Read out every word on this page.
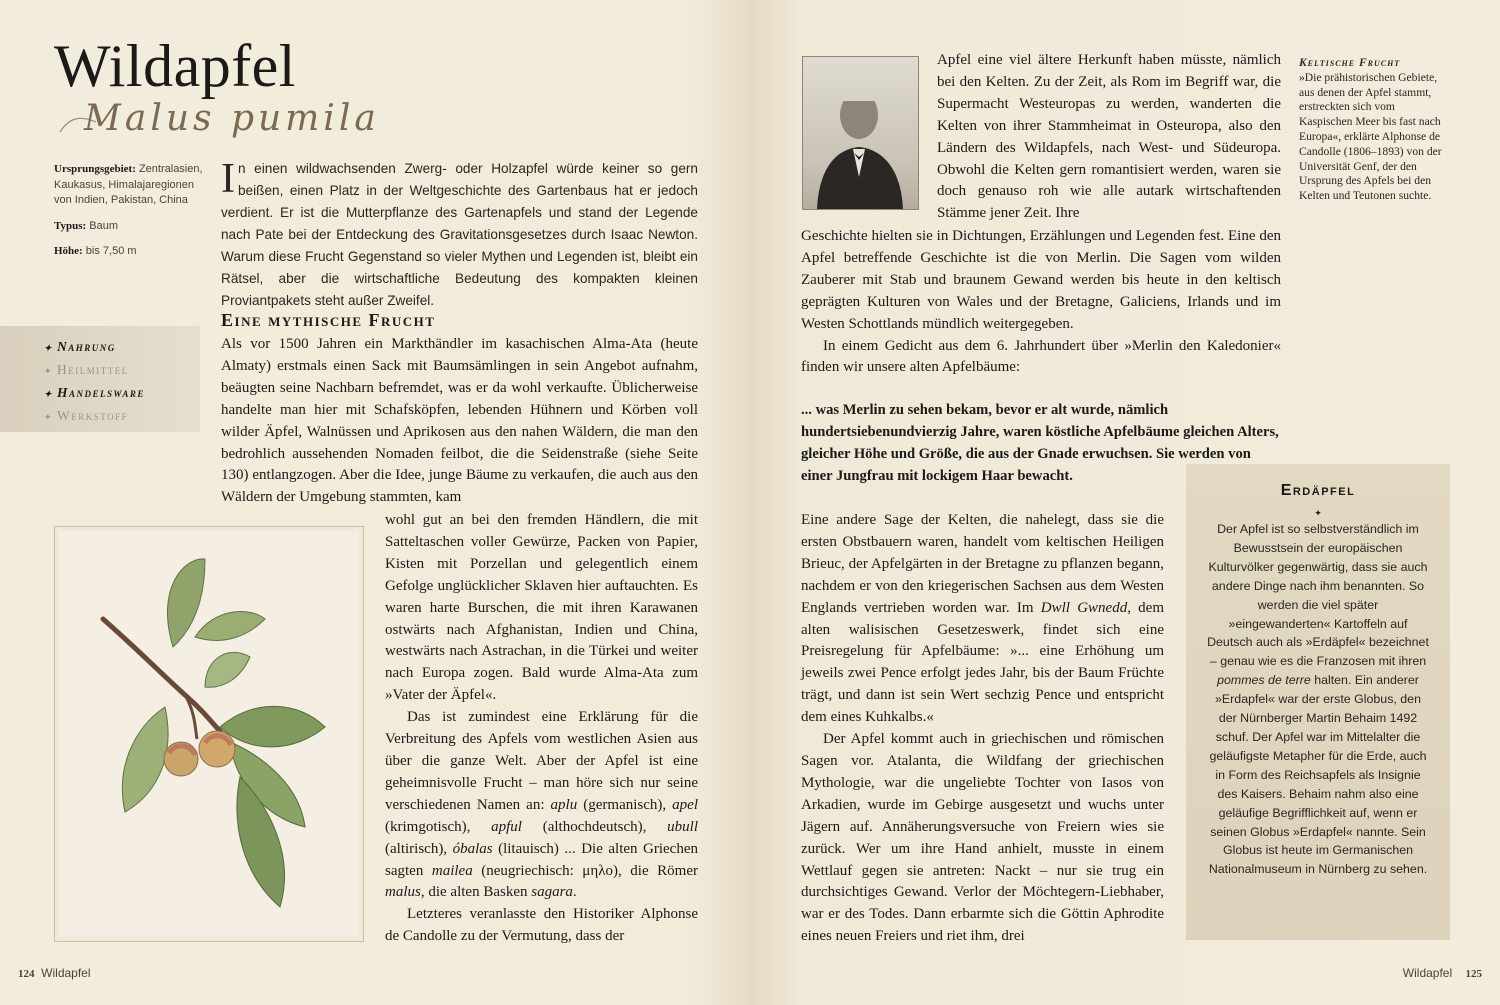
Wildapfel
Malus pumila

Ursprungsgebiet: Zentralasien, Kaukasus, Himalajaregionen von Indien, Pakistan, China

Typus: Baum

Höhe: bis 7,50 m

In einen wildwachsenden Zwerg- oder Holzapfel würde keiner so gern beißen, einen Platz in der Weltgeschichte des Gartenbaus hat er jedoch verdient. Er ist die Mutterpflanze des Gartenapfels und stand der Legende nach Pate bei der Entdeckung des Gravitationsgesetzes durch Isaac Newton. Warum diese Frucht Gegenstand so vieler Mythen und Legenden ist, bleibt ein Rätsel, aber die wirtschaftliche Bedeutung des kompakten kleinen Proviantpakets steht außer Zweifel.
✦ Nahrung
✦ Heilmittel
✦ Handelsware
✦ Werkstoff
Eine mythische Frucht

Als vor 1500 Jahren ein Markthändler im kasachischen Alma-Ata (heute Almaty) erstmals einen Sack mit Baumsämlingen in sein Angebot aufnahm, beäugten seine Nachbarn befremdet, was er da wohl verkaufte. Üblicherweise handelte man hier mit Schafsköpfen, lebenden Hühnern und Körben voll wilder Äpfel, Walnüssen und Aprikosen aus den nahen Wäldern, die man den bedrohlich aussehenden Nomaden feilbot, die die Seidenstraße (siehe Seite 130) entlangzogen. Aber die Idee, junge Bäume zu verkaufen, die auch aus den Wäldern der Umgebung stammten, kam

wohl gut an bei den fremden Händlern, die mit Satteltaschen voller Gewürze, Packen von Papier, Kisten mit Porzellan und gelegentlich einem Gefolge unglücklicher Sklaven hier auftauchten. Es waren harte Burschen, die mit ihren Karawanen ostwärts nach Afghanistan, Indien und China, westwärts nach Astrachan, in die Türkei und weiter nach Europa zogen. Bald wurde Alma-Ata zum »Vater der Äpfel«.

Das ist zumindest eine Erklärung für die Verbreitung des Apfels vom westlichen Asien aus über die ganze Welt. Aber der Apfel ist eine geheimnisvolle Frucht – man höre sich nur seine verschiedenen Namen an: aplu (germanisch), apel (krimgotisch), apful (althochdeutsch), ubull (altirisch), óbalas (litauisch) ... Die alten Griechen sagten mailea (neugriechisch: μηλο), die Römer malus, die alten Basken sagara.

Letzteres veranlasste den Historiker Alphonse de Candolle zu der Vermutung, dass der

124 Wildapfel

Apfel eine viel ältere Herkunft haben müsste, nämlich bei den Kelten. Zu der Zeit, als Rom im Begriff war, die Supermacht Westeuropas zu werden, wanderten die Kelten von ihrer Stammheimat in Osteuropa, also den Ländern des Wildapfels, nach West- und Südeuropa. Obwohl die Kelten gern romantisiert werden, waren sie doch genauso roh wie alle autark wirtschaftenden Stämme jener Zeit. Ihre

Geschichte hielten sie in Dichtungen, Erzählungen und Legenden fest. Eine den Apfel betreffende Geschichte ist die von Merlin. Die Sagen vom wilden Zauberer mit Stab und braunem Gewand werden bis heute in den keltisch geprägten Kulturen von Wales und der Bretagne, Galiciens, Irlands und im Westen Schottlands mündlich weitergegeben.

In einem Gedicht aus dem 6. Jahrhundert über »Merlin den Kaledonier« finden wir unsere alten Apfelbäume:

... was Merlin zu sehen bekam, bevor er alt wurde, nämlich hundertsiebenundvierzig Jahre, waren köstliche Apfelbäume gleichen Alters, gleicher Höhe und Größe, die aus der Gnade erwuchsen. Sie werden von einer Jungfrau mit lockigem Haar bewacht.

Eine andere Sage der Kelten, die nahelegt, dass sie die ersten Obstbauern waren, handelt vom keltischen Heiligen Brieuc, der Apfelgärten in der Bretagne zu pflanzen begann, nachdem er von den kriegerischen Sachsen aus dem Westen Englands vertrieben worden war. Im Dwll Gwnedd, dem alten walisischen Gesetzeswerk, findet sich eine Preisregelung für Apfelbäume: »... eine Erhöhung um jeweils zwei Pence erfolgt jedes Jahr, bis der Baum Früchte trägt, und dann ist sein Wert sechzig Pence und entspricht dem eines Kuhkalbs.«

Der Apfel kommt auch in griechischen und römischen Sagen vor. Atalanta, die Wildfang der griechischen Mythologie, war die ungeliebte Tochter von Iasos von Arkadien, wurde im Gebirge ausgesetzt und wuchs unter Jägern auf. Annäherungsversuche von Freiern wies sie zurück. Wer um ihre Hand anhielt, musste in einem Wettlauf gegen sie antreten: Nackt – nur sie trug ein durchsichtiges Gewand. Verlor der Möchtegern-Liebhaber, war er des Todes. Dann erbarmte sich die Göttin Aphrodite eines neuen Freiers und riet ihm, drei

Keltische Frucht
»Die prähistorischen Gebiete, aus denen der Apfel stammt, erstreckten sich vom Kaspischen Meer bis fast nach Europa«, erklärte Alphonse de Candolle (1806–1893) von der Universität Genf, der den Ursprung des Apfels bei den Kelten und Teutonen suchte.
Erdäpfel
✦
Der Apfel ist so selbstverständlich im Bewusstsein der europäischen Kulturvölker gegenwärtig, dass sie auch andere Dinge nach ihm benannten. So werden die viel später »eingewanderten« Kartoffeln auf Deutsch auch als »Erdäpfel« bezeichnet – genau wie es die Franzosen mit ihren pommes de terre halten. Ein anderer »Erdapfel« war der erste Globus, den der Nürnberger Martin Behaim 1492 schuf. Der Apfel war im Mittelalter die geläufigste Metapher für die Erde, auch in Form des Reichsapfels als Insignie des Kaisers. Behaim nahm also eine geläufige Begrifflichkeit auf, wenn er seinen Globus »Erdapfel« nannte. Sein Globus ist heute im Germanischen Nationalmuseum in Nürnberg zu sehen.
Wildapfel 125
